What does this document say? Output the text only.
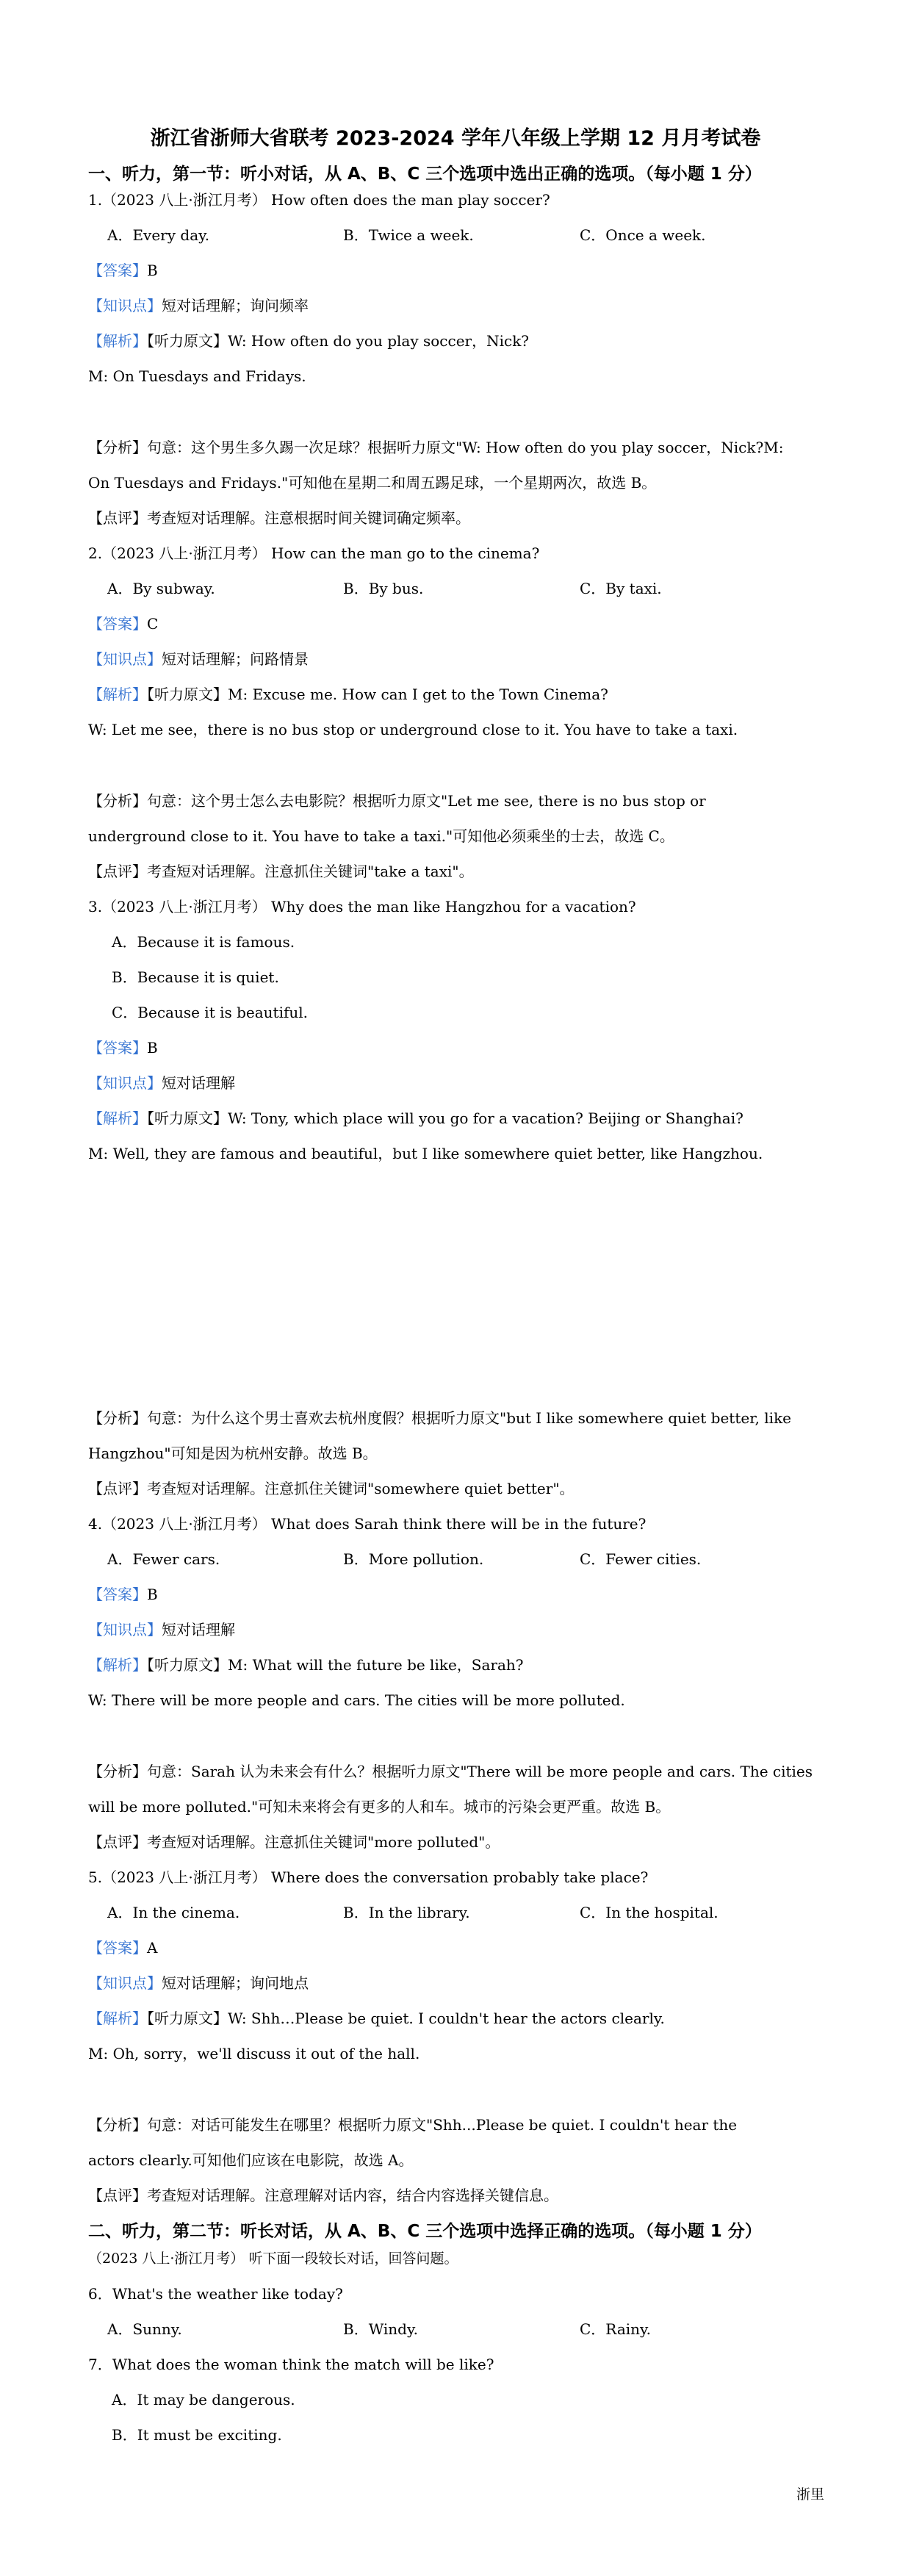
浙江省浙师大省联考 2023-2024 学年八年级上学期 12 月月考试卷
一、听力，第一节：听小对话，从 A、B、C 三个选项中选出正确的选项。（每小题 1 分）
1.（2023 八上·浙江月考） How often does the man play soccer?
A．Every day.	B．Twice a week.	C．Once a week.
【答案】B
【知识点】短对话理解；询问频率
【解析】【听力原文】W: How often do you play soccer，Nick?
M: On Tuesdays and Fridays.
【分析】句意：这个男生多久踢一次足球？根据听力原文"W: How often do you play soccer，Nick?M:
On Tuesdays and Fridays."可知他在星期二和周五踢足球，一个星期两次，故选 B。
【点评】考查短对话理解。注意根据时间关键词确定频率。
2.（2023 八上·浙江月考） How can the man go to the cinema?
A．By subway.	B．By bus.	C．By taxi.
【答案】C
【知识点】短对话理解；问路情景
【解析】【听力原文】M: Excuse me. How can I get to the Town Cinema?
W: Let me see，there is no bus stop or underground close to it. You have to take a taxi.
【分析】句意：这个男士怎么去电影院？根据听力原文"Let me see, there is no bus stop or
underground close to it. You have to take a taxi."可知他必须乘坐的士去，故选 C。
【点评】考查短对话理解。注意抓住关键词"take a taxi"。
3.（2023 八上·浙江月考） Why does the man like Hangzhou for a vacation?
A．Because it is famous.
B．Because it is quiet.
C．Because it is beautiful.
【答案】B
【知识点】短对话理解
【解析】【听力原文】W: Tony, which place will you go for a vacation? Beijing or Shanghai?
M: Well, they are famous and beautiful，but I like somewhere quiet better, like Hangzhou.
【分析】句意：为什么这个男士喜欢去杭州度假？根据听力原文"but I like somewhere quiet better, like
Hangzhou"可知是因为杭州安静。故选 B。
【点评】考查短对话理解。注意抓住关键词"somewhere quiet better"。
4.（2023 八上·浙江月考） What does Sarah think there will be in the future?
A．Fewer cars.	B．More pollution.	C．Fewer cities.
【答案】B
【知识点】短对话理解
【解析】【听力原文】M: What will the future be like，Sarah?
W: There will be more people and cars. The cities will be more polluted.
【分析】句意：Sarah 认为未来会有什么？根据听力原文"There will be more people and cars. The cities
will be more polluted."可知未来将会有更多的人和车。城市的污染会更严重。故选 B。
【点评】考查短对话理解。注意抓住关键词"more polluted"。
5.（2023 八上·浙江月考） Where does the conversation probably take place?
A．In the cinema.	B．In the library.	C．In the hospital.
【答案】A
【知识点】短对话理解；询问地点
【解析】【听力原文】W: Shh…Please be quiet. I couldn't hear the actors clearly.
M: Oh, sorry，we'll discuss it out of the hall.
【分析】句意：对话可能发生在哪里？根据听力原文"Shh...Please be quiet. I couldn't hear the
actors clearly.可知他们应该在电影院，故选 A。
【点评】考查短对话理解。注意理解对话内容，结合内容选择关键信息。
二、听力，第二节：听长对话，从 A、B、C 三个选项中选择正确的选项。（每小题 1 分）
（2023 八上·浙江月考） 听下面一段较长对话，回答问题。
6．What's the weather like today?
A．Sunny.	B．Windy.	C．Rainy.
7．What does the woman think the match will be like?
A．It may be dangerous.
B．It must be exciting.
浙里
